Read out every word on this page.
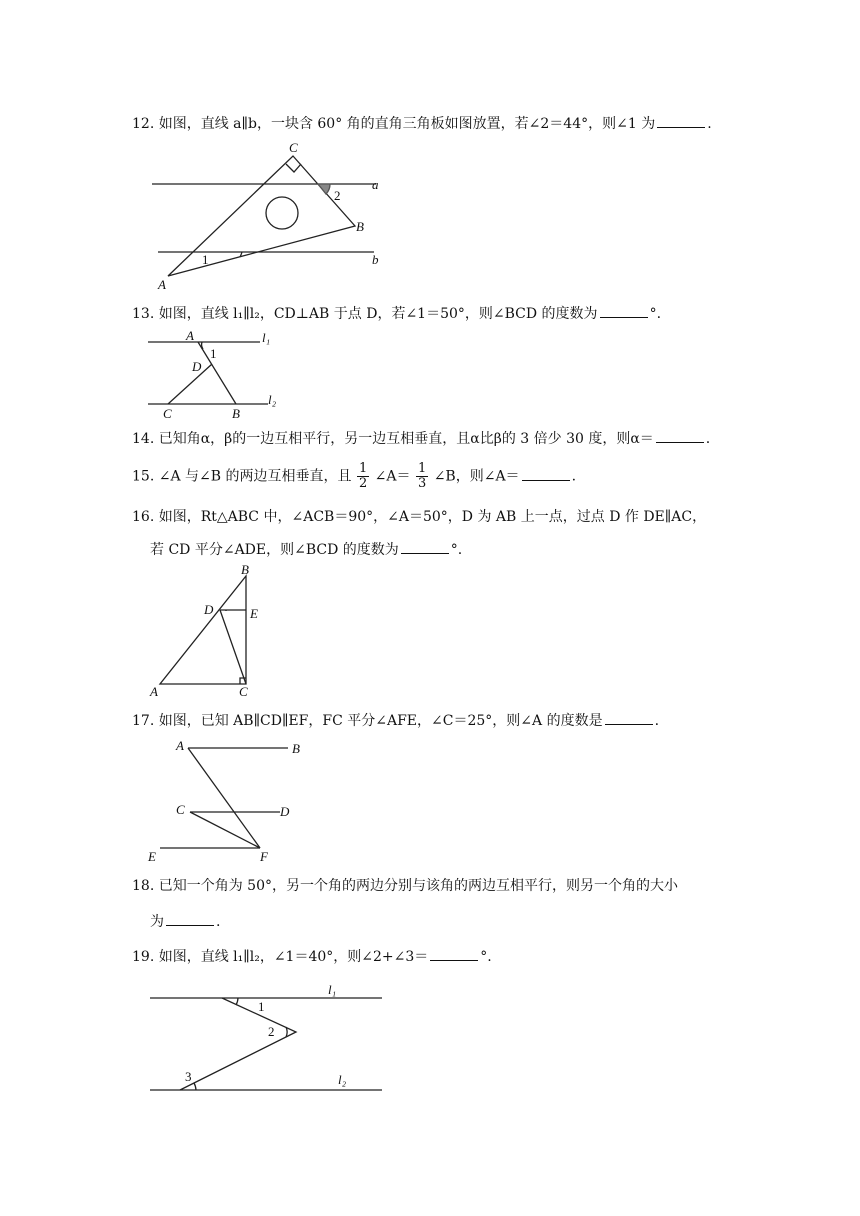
12. 如图，直线 a∥b，一块含 60° 角的直角三角板如图放置，若∠2＝44°，则∠1 为	.
C
A
B
a
b
1
2
13. 如图，直线 l₁∥l₂，CD⊥AB 于点 D，若∠1＝50°，则∠BCD 的度数为	°.
A
1
D
C	B
l₁
l₂
14. 已知角α，β的一边互相平行，另一边互相垂直，且α比β的 3 倍少 30 度，则α＝	.
15. ∠A 与∠B 的两边互相垂直，且 $\frac{1}{2}$ ∠A＝ $\frac{1}{3}$ ∠B，则∠A＝	.
16. 如图，Rt△ABC 中，∠ACB＝90°，∠A＝50°，D 为 AB 上一点，过点 D 作 DE∥AC，
若 CD 平分∠ADE，则∠BCD 的度数为	°.
B
D	E
A	C
17. 如图，已知 AB∥CD∥EF，FC 平分∠AFE，∠C＝25°，则∠A 的度数是	.
A	B
C	D
E	F
18. 已知一个角为 50°，另一个角的两边分别与该角的两边互相平行，则另一个角的大小
为	.
19. 如图，直线 l₁∥l₂，∠1＝40°，则∠2+∠3＝	°.
1
2
3
l₁
l₂
